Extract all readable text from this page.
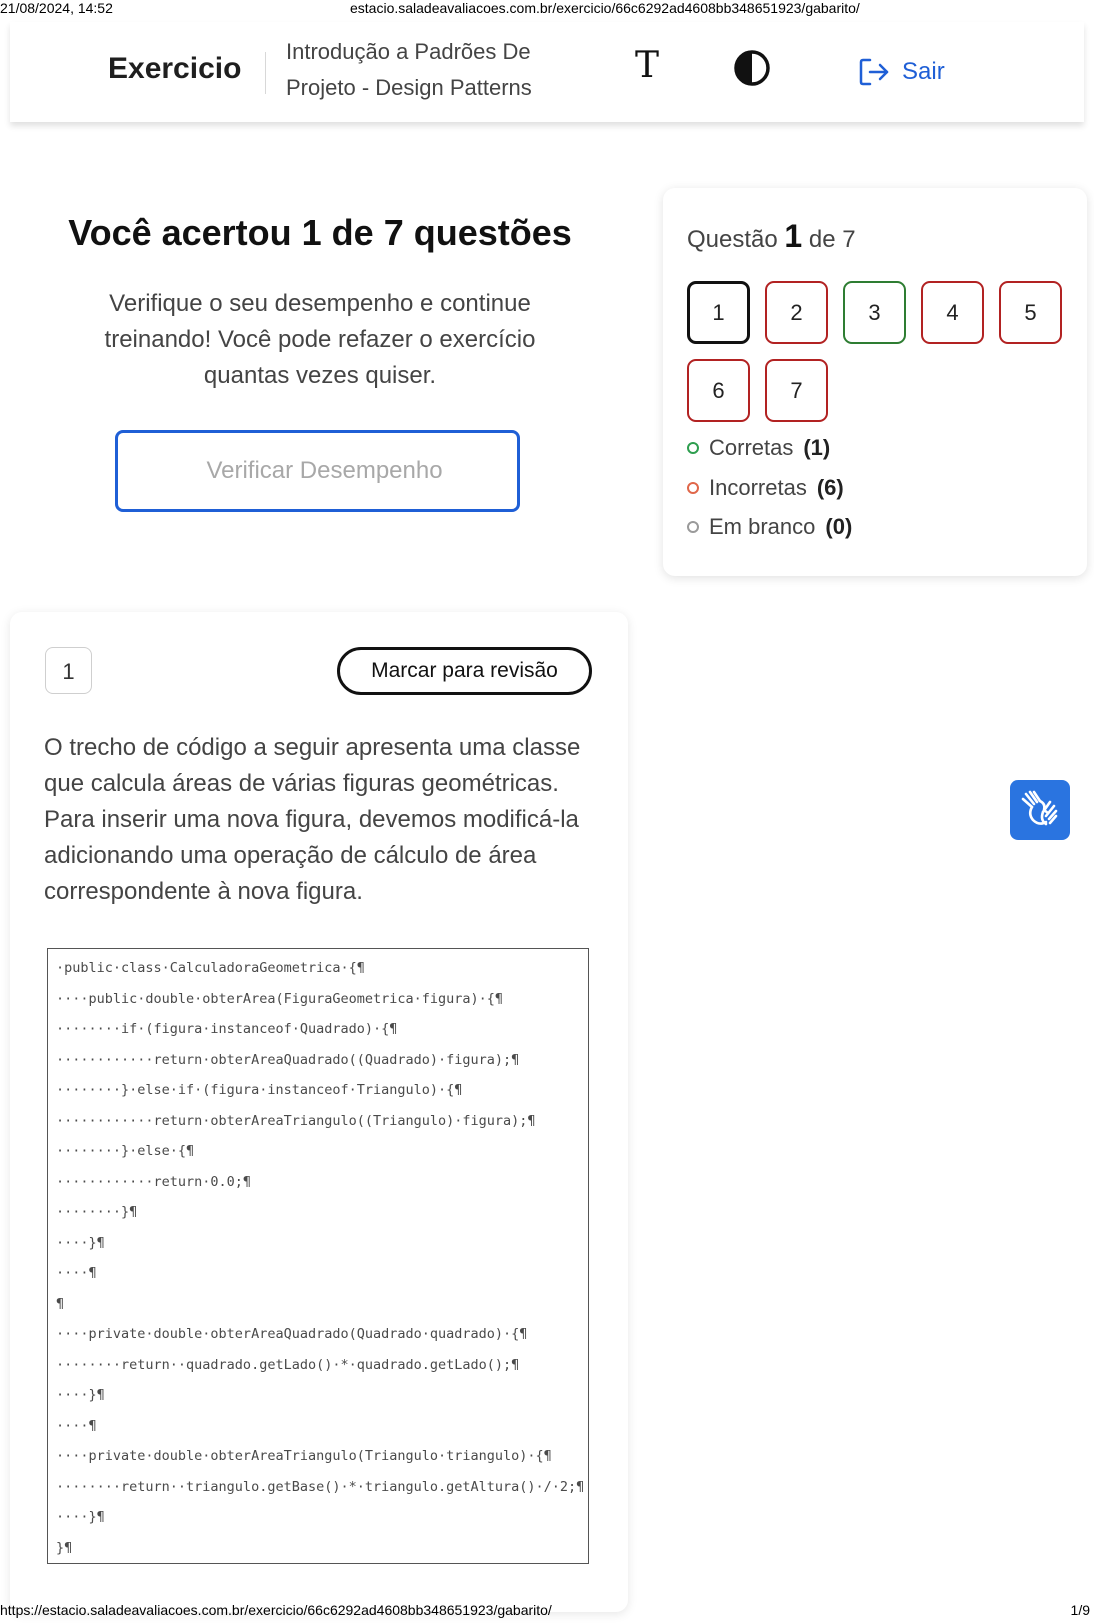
21/08/2024, 14:52	estacio.saladeavaliacoes.com.br/exercicio/66c6292ad4608bb348651923/gabarito/
Exercicio
Introdução a Padrões De
Projeto - Design Patterns
T	Sair
Você acertou 1 de 7 questões
Verifique o seu desempenho e continue treinando! Você pode refazer o exercício quantas vezes quiser.
Verificar Desempenho
Questão 1 de 7
1	2	3	4	5
6	7
Corretas (1)
Incorretas (6)
Em branco (0)
1	Marcar para revisão
O trecho de código a seguir apresenta uma classe que calcula áreas de várias figuras geométricas. Para inserir uma nova figura, devemos modificá-la adicionando uma operação de cálculo de área correspondente à nova figura.
·public·class·CalculadoraGeometrica·{¶
····public·double·obterArea(FiguraGeometrica·figura)·{¶
········if·(figura·instanceof·Quadrado)·{¶
············return·obterAreaQuadrado((Quadrado)·figura);¶
········}·else·if·(figura·instanceof·Triangulo)·{¶
············return·obterAreaTriangulo((Triangulo)·figura);¶
········}·else·{¶
············return·0.0;¶
········}¶
····}¶
····¶
¶
····private·double·obterAreaQuadrado(Quadrado·quadrado)·{¶
········return··quadrado.getLado()·*·quadrado.getLado();¶
····}¶
····¶
····private·double·obterAreaTriangulo(Triangulo·triangulo)·{¶
········return··triangulo.getBase()·*·triangulo.getAltura()·/·2;¶
····}¶
}¶
https://estacio.saladeavaliacoes.com.br/exercicio/66c6292ad4608bb348651923/gabarito/	1/9
